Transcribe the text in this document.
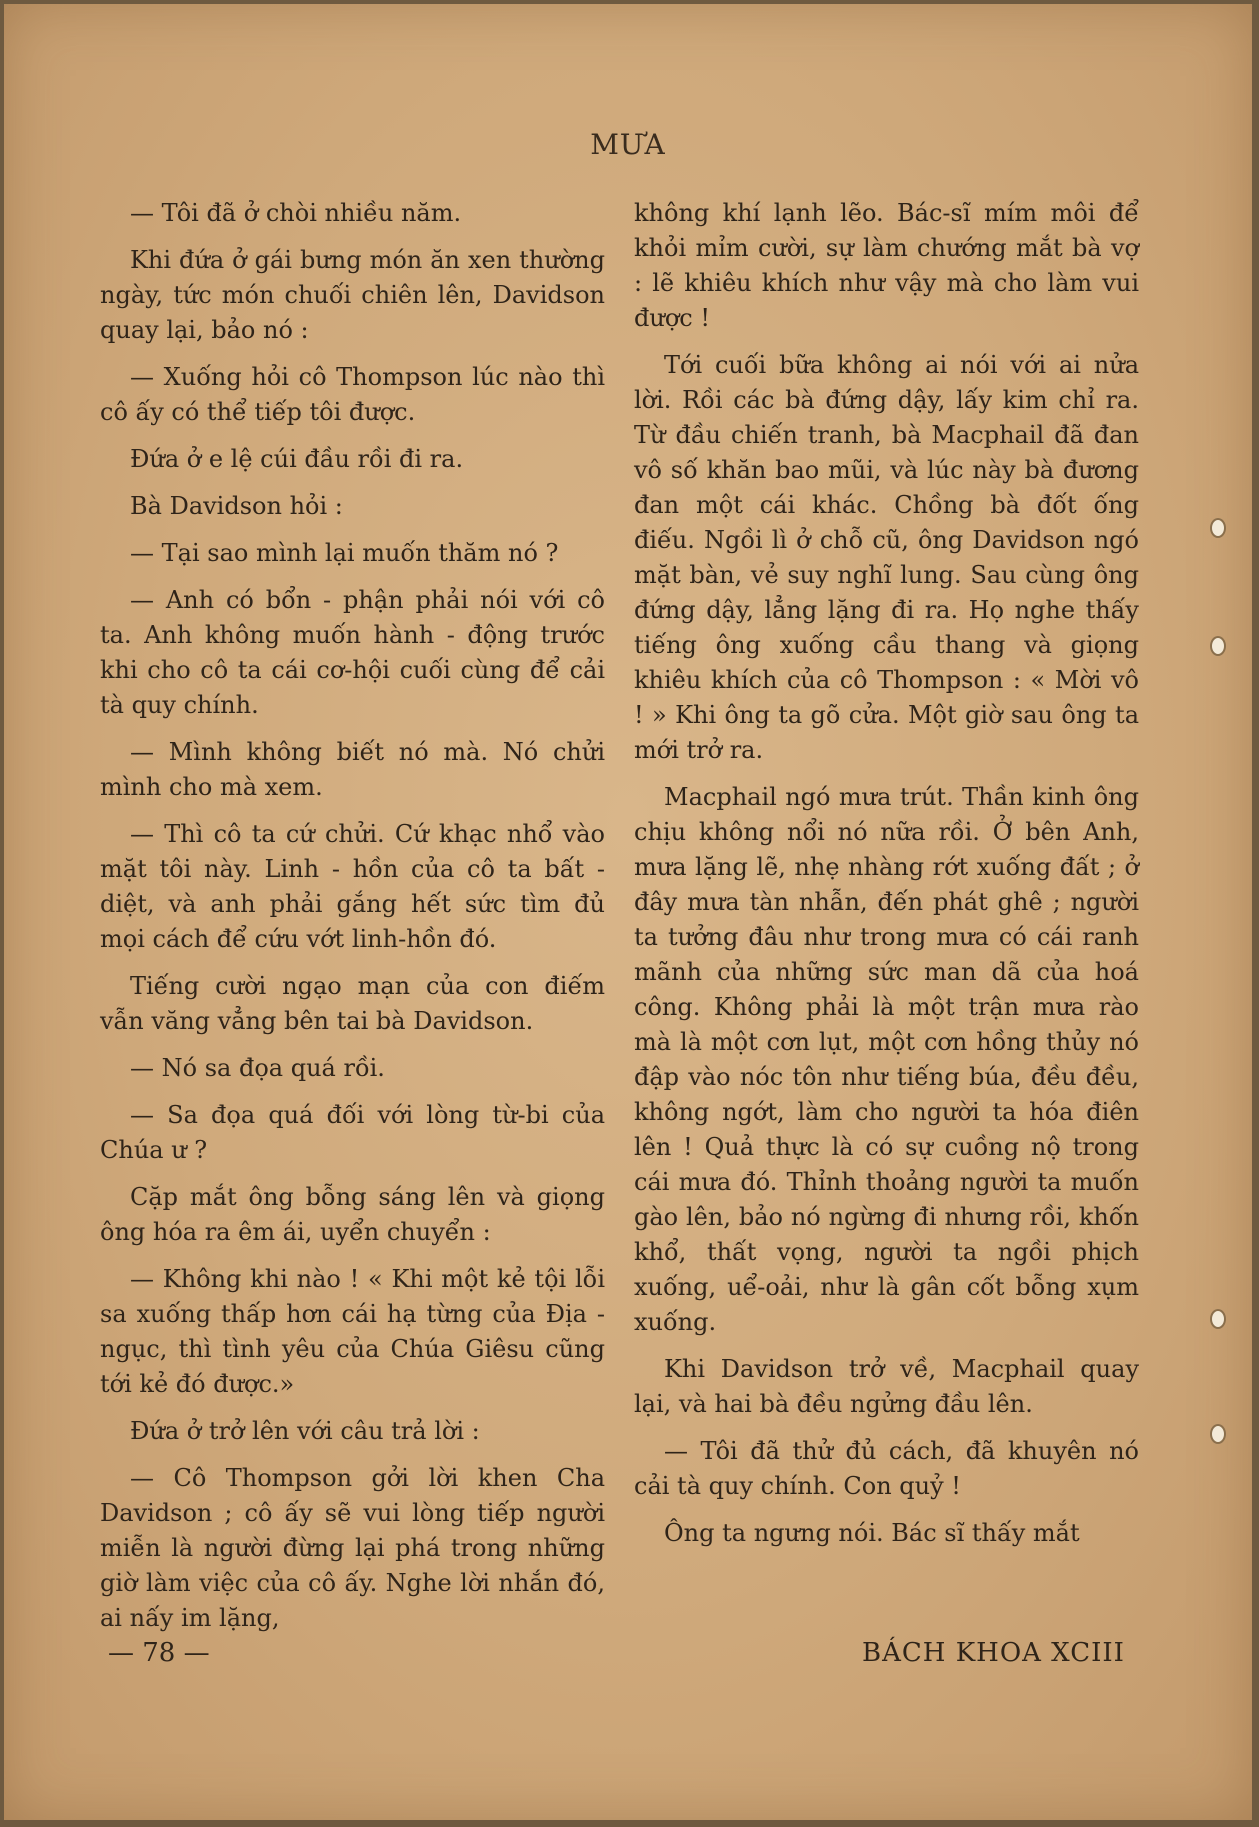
MƯA

— Tôi đã ở chòi nhiều năm.

Khi đứa ở gái bưng món ăn xen thường ngày, tức món chuối chiên lên, Davidson quay lại, bảo nó :

— Xuống hỏi cô Thompson lúc nào thì cô ấy có thể tiếp tôi được.

Đứa ở e lệ cúi đầu rồi đi ra.

Bà Davidson hỏi :

— Tại sao mình lại muốn thăm nó ?

— Anh có bổn - phận phải nói với cô ta. Anh không muốn hành - động trước khi cho cô ta cái cơ-hội cuối cùng để cải tà quy chính.

— Mình không biết nó mà. Nó chửi mình cho mà xem.

— Thì cô ta cứ chửi. Cứ khạc nhổ vào mặt tôi này. Linh - hồn của cô ta bất - diệt, và anh phải gắng hết sức tìm đủ mọi cách để cứu vớt linh-hồn đó.

Tiếng cười ngạo mạn của con điếm vẫn văng vẳng bên tai bà Davidson.

— Nó sa đọa quá rồi.

— Sa đọa quá đối với lòng từ-bi của Chúa ư ?

Cặp mắt ông bỗng sáng lên và giọng ông hóa ra êm ái, uyển chuyển :

— Không khi nào ! « Khi một kẻ tội lỗi sa xuống thấp hơn cái hạ từng của Địa - ngục, thì tình yêu của Chúa Giêsu cũng tới kẻ đó được.»

Đứa ở trở lên với câu trả lời :

— Cô Thompson gởi lời khen Cha Davidson ; cô ấy sẽ vui lòng tiếp người miễn là người đừng lại phá trong những giờ làm việc của cô ấy. Nghe lời nhắn đó, ai nấy im lặng,

không khí lạnh lẽo. Bác-sĩ mím môi để khỏi mỉm cười, sự làm chướng mắt bà vợ : lẽ khiêu khích như vậy mà cho làm vui được !

Tới cuối bữa không ai nói với ai nửa lời. Rồi các bà đứng dậy, lấy kim chỉ ra. Từ đầu chiến tranh, bà Macphail đã đan vô số khăn bao mũi, và lúc này bà đương đan một cái khác. Chồng bà đốt ống điếu. Ngồi lì ở chỗ cũ, ông Davidson ngó mặt bàn, vẻ suy nghĩ lung. Sau cùng ông đứng dậy, lẳng lặng đi ra. Họ nghe thấy tiếng ông xuống cầu thang và giọng khiêu khích của cô Thompson : « Mời vô ! » Khi ông ta gõ cửa. Một giờ sau ông ta mới trở ra.

Macphail ngó mưa trút. Thần kinh ông chịu không nổi nó nữa rồi. Ở bên Anh, mưa lặng lẽ, nhẹ nhàng rớt xuống đất ; ở đây mưa tàn nhẫn, đến phát ghê ; người ta tưởng đâu như trong mưa có cái ranh mãnh của những sức man dã của hoá công. Không phải là một trận mưa rào mà là một cơn lụt, một cơn hồng thủy nó đập vào nóc tôn như tiếng búa, đều đều, không ngớt, làm cho người ta hóa điên lên ! Quả thực là có sự cuồng nộ trong cái mưa đó. Thỉnh thoảng người ta muốn gào lên, bảo nó ngừng đi nhưng rồi, khốn khổ, thất vọng, người ta ngồi phịch xuống, uể-oải, như là gân cốt bỗng xụm xuống.

Khi Davidson trở về, Macphail quay lại, và hai bà đều ngửng đầu lên.

— Tôi đã thử đủ cách, đã khuyên nó cải tà quy chính. Con quỷ !

Ông ta ngưng nói. Bác sĩ thấy mắt

— 78 —	BÁCH KHOA XCIII
